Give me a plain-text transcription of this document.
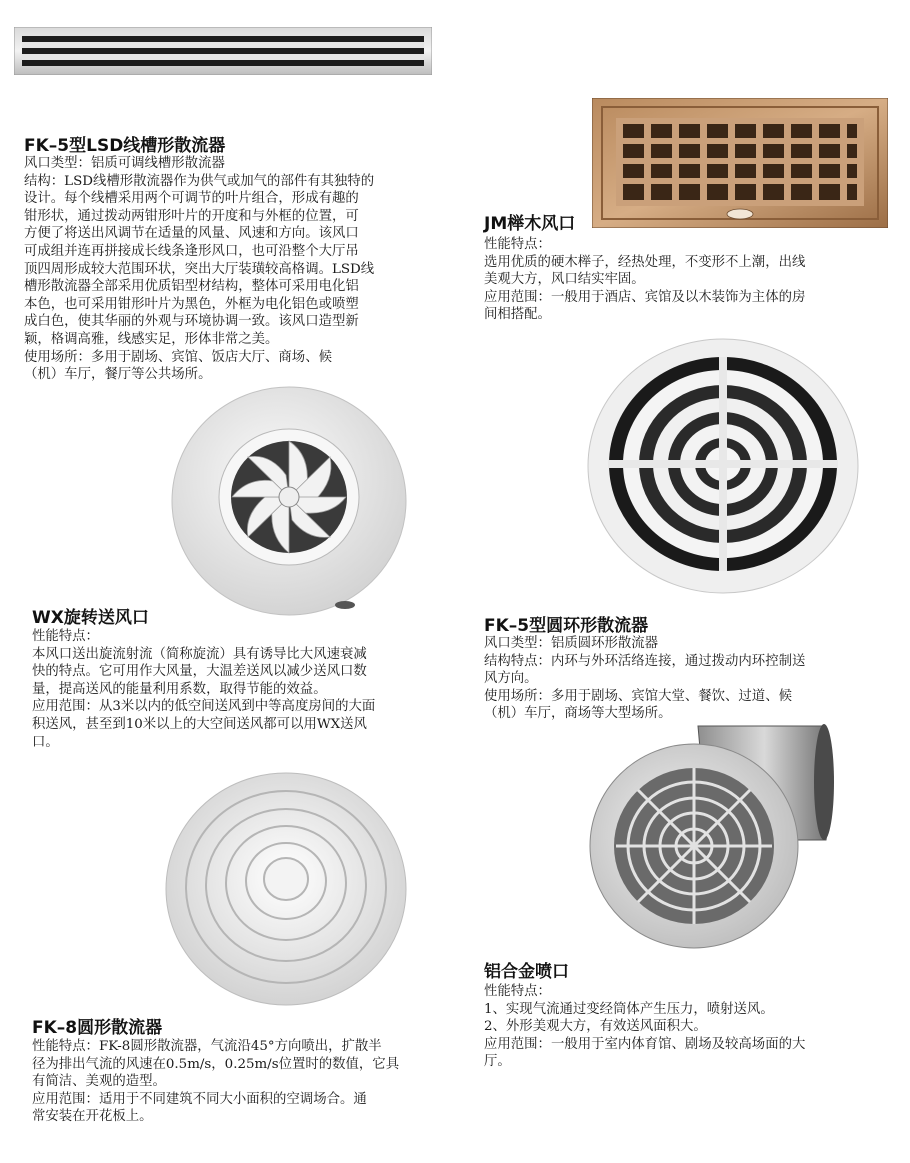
FK–5型LSD线槽形散流器

风口类型：铝质可调线槽形散流器

结构：LSD线槽形散流器作为供气或加气的部件有其独特的

设计。每个线槽采用两个可调节的叶片组合，形成有趣的

钳形状，通过拨动两钳形叶片的开度和与外框的位置，可

方便了将送出风调节在适量的风量、风速和方向。该风口

可成组并连再拼接成长线条逢形风口，也可沿整个大厅吊

顶四周形成较大范围环状，突出大厅装璜较高格调。LSD线

槽形散流器全部采用优质铝型材结构，整体可采用电化铝

本色，也可采用钳形叶片为黑色，外框为电化铝色或喷塑

成白色，使其华丽的外观与环境协调一致。该风口造型新

颖，格调高雅，线感实足，形体非常之美。

使用场所：多用于剧场、宾馆、饭店大厅、商场、候

（机）车厅，餐厅等公共场所。

JM榉木风口

性能特点：

选用优质的硬木榉子，经热处理，不变形不上潮，出线

美观大方，风口结实牢固。

应用范围：一般用于酒店、宾馆及以木装饰为主体的房

间相搭配。

WX旋转送风口

性能特点：

本风口送出旋流射流（简称旋流）具有诱导比大风速衰减

快的特点。它可用作大风量，大温差送风以减少送风口数

量，提高送风的能量利用系数，取得节能的效益。

应用范围：从3米以内的低空间送风到中等高度房间的大面

积送风，甚至到10米以上的大空间送风都可以用WX送风

口。

FK–5型圆环形散流器

风口类型：铝质圆环形散流器

结构特点：内环与外环活络连接，通过拨动内环控制送

风方向。

使用场所：多用于剧场、宾馆大堂、餐饮、过道、候

（机）车厅，商场等大型场所。

铝合金喷口

性能特点：

1、实现气流通过变经筒体产生压力，喷射送风。

2、外形美观大方，有效送风面积大。

应用范围：一般用于室内体育馆、剧场及较高场面的大

厅。

FK–8圆形散流器

性能特点：FK-8圆形散流器，气流沿45°方向喷出，扩散半

径为排出气流的风速在0.5m/s，0.25m/s位置时的数值，它具

有简洁、美观的造型。

应用范围：适用于不同建筑不同大小面积的空调场合。通

常安装在开花板上。
